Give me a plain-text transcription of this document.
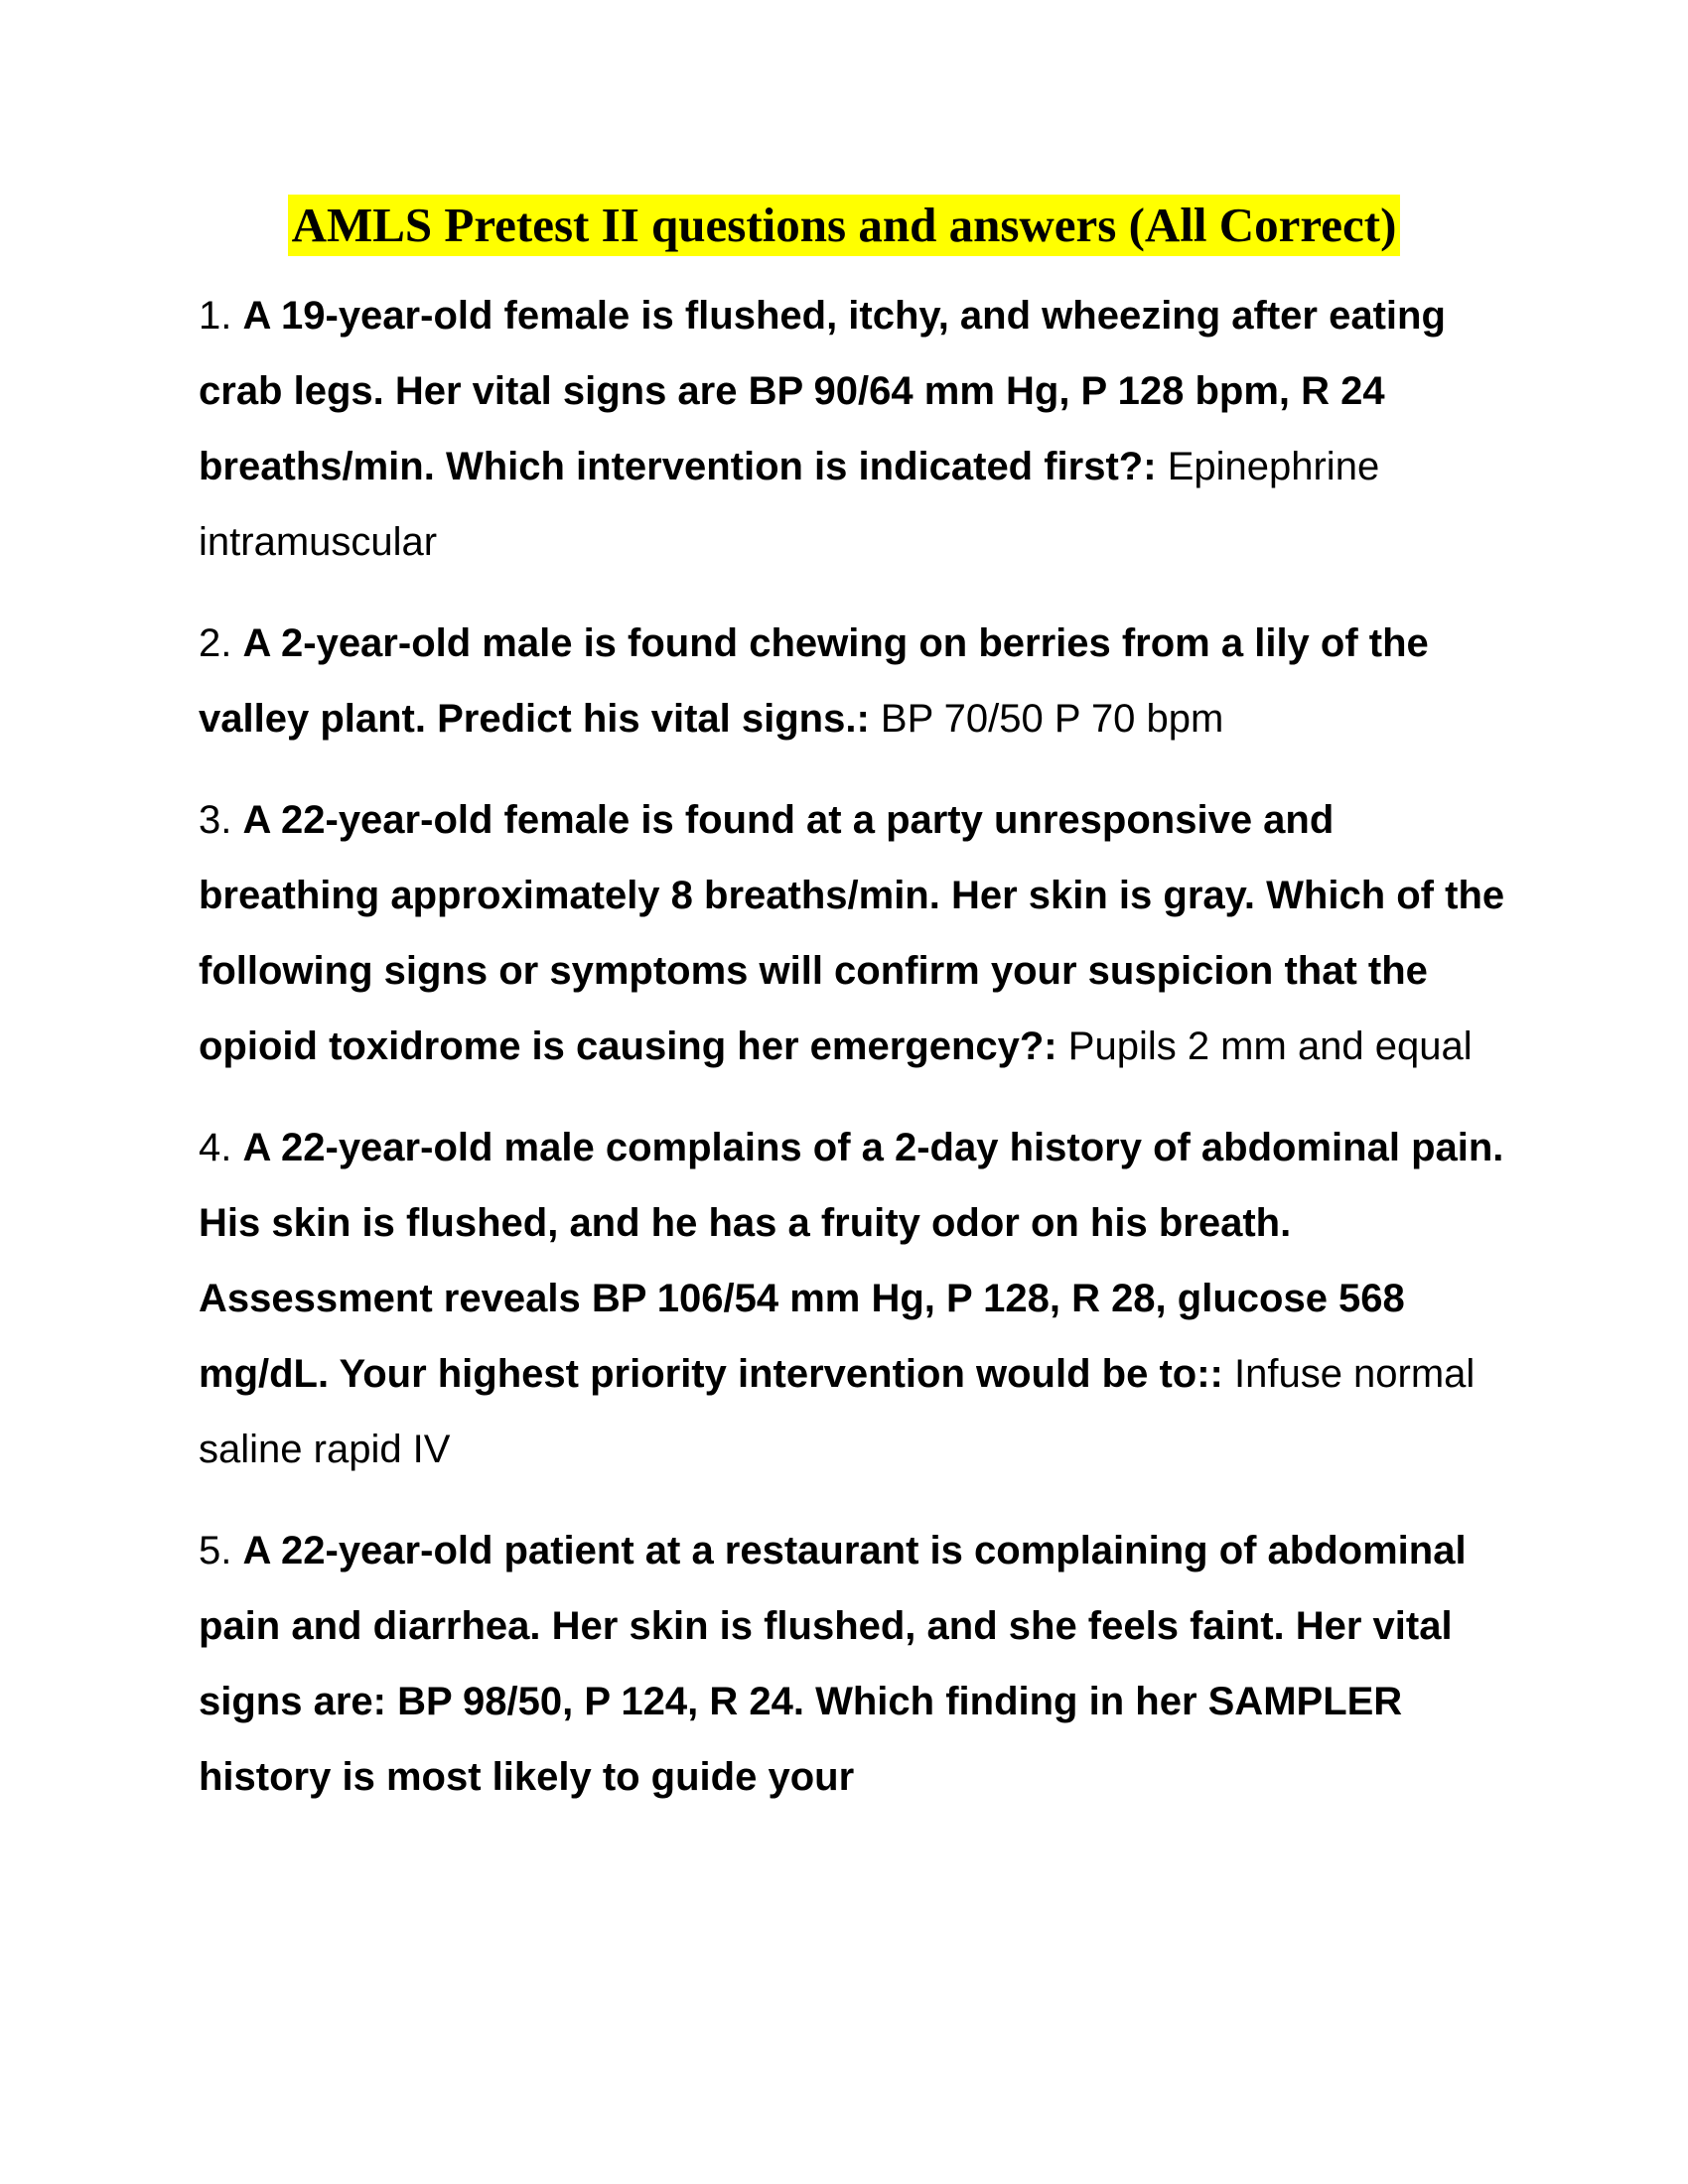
AMLS Pretest II questions and answers (All Correct)

1. A 19-year-old female is flushed, itchy, and wheezing after eating crab legs. Her vital signs are BP 90/64 mm Hg, P 128 bpm, R 24 breaths/min. Which intervention is indicated first?: Epinephrine intramuscular

2. A 2-year-old male is found chewing on berries from a lily of the valley plant. Predict his vital signs.: BP 70/50 P 70 bpm

3. A 22-year-old female is found at a party unresponsive and breathing approximately 8 breaths/min. Her skin is gray. Which of the following signs or symptoms will confirm your suspicion that the opioid toxidrome is causing her emergency?: Pupils 2 mm and equal

4. A 22-year-old male complains of a 2-day history of abdominal pain. His skin is flushed, and he has a fruity odor on his breath. Assessment reveals BP 106/54 mm Hg, P 128, R 28, glucose 568 mg/dL. Your highest priority intervention would be to:: Infuse normal saline rapid IV

5. A 22-year-old patient at a restaurant is complaining of abdominal pain and diarrhea. Her skin is flushed, and she feels faint. Her vital signs are: BP 98/50, P 124, R 24. Which finding in her SAMPLER history is most likely to guide your
